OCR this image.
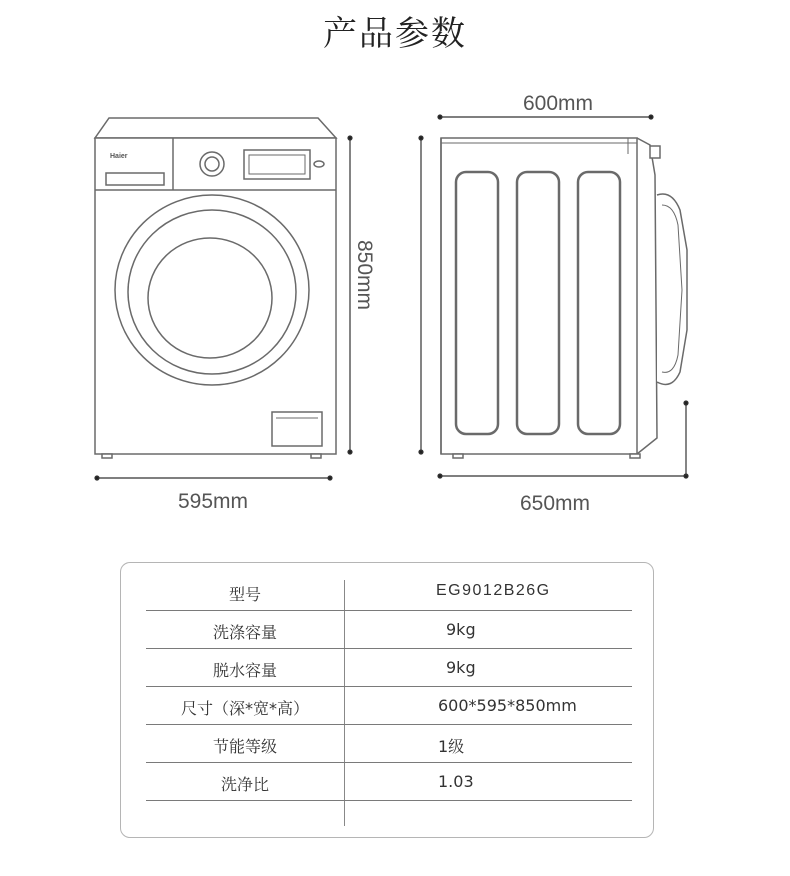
产品参数
Haier
600mm
595mm	650mm
850mm
型号	EG9012B26G
洗涤容量	9kg
脱水容量	9kg
尺寸（深*宽*高）	600*595*850mm
节能等级	1级
洗净比	1.03
